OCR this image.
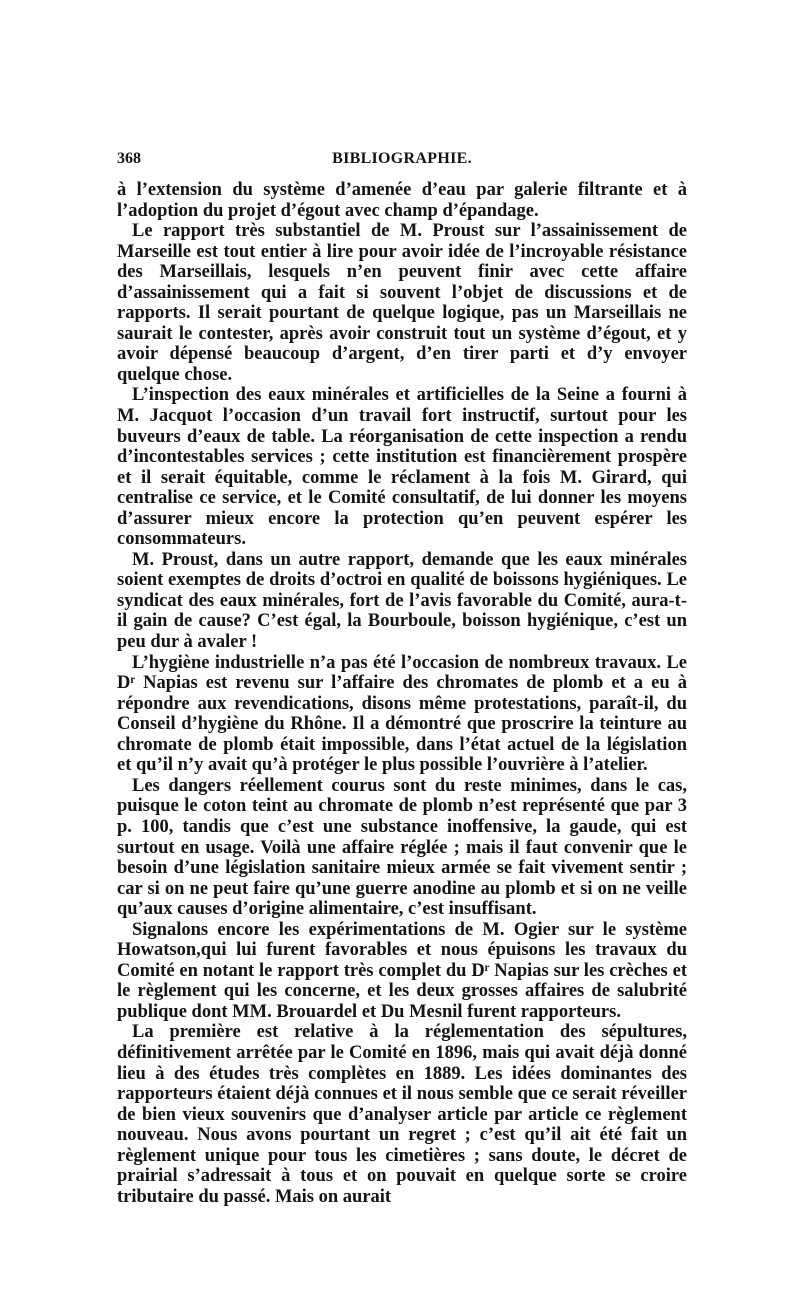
368	BIBLIOGRAPHIE.

à l’extension du système d’amenée d’eau par galerie filtrante et à l’adoption du projet d’égout avec champ d’épandage.

Le rapport très substantiel de M. Proust sur l’assainissement de Marseille est tout entier à lire pour avoir idée de l’incroyable résistance des Marseillais, lesquels n’en peuvent finir avec cette affaire d’assainissement qui a fait si souvent l’objet de discussions et de rapports. Il serait pourtant de quelque logique, pas un Marseillais ne saurait le contester, après avoir construit tout un système d’égout, et y avoir dépensé beaucoup d’argent, d’en tirer parti et d’y envoyer quelque chose.

L’inspection des eaux minérales et artificielles de la Seine a fourni à M. Jacquot l’occasion d’un travail fort instructif, surtout pour les buveurs d’eaux de table. La réorganisation de cette inspection a rendu d’incontestables services ; cette institution est financièrement prospère et il serait équitable, comme le réclament à la fois M. Girard, qui centralise ce service, et le Comité consultatif, de lui donner les moyens d’assurer mieux encore la protection qu’en peuvent espérer les consommateurs.

M. Proust, dans un autre rapport, demande que les eaux minérales soient exemptes de droits d’octroi en qualité de boissons hygiéniques. Le syndicat des eaux minérales, fort de l’avis favorable du Comité, aura-t-il gain de cause? C’est égal, la Bourboule, boisson hygiénique, c’est un peu dur à avaler !

L’hygiène industrielle n’a pas été l’occasion de nombreux travaux. Le Dʳ Napias est revenu sur l’affaire des chromates de plomb et a eu à répondre aux revendications, disons même protestations, paraît-il, du Conseil d’hygiène du Rhône. Il a démontré que proscrire la teinture au chromate de plomb était impossible, dans l’état actuel de la législation et qu’il n’y avait qu’à protéger le plus possible l’ouvrière à l’atelier.

Les dangers réellement courus sont du reste minimes, dans le cas, puisque le coton teint au chromate de plomb n’est représenté que par 3 p. 100, tandis que c’est une substance inoffensive, la gaude, qui est surtout en usage. Voilà une affaire réglée ; mais il faut convenir que le besoin d’une législation sanitaire mieux armée se fait vivement sentir ; car si on ne peut faire qu’une guerre anodine au plomb et si on ne veille qu’aux causes d’origine alimentaire, c’est insuffisant.

Signalons encore les expérimentations de M. Ogier sur le système Howatson,qui lui furent favorables et nous épuisons les travaux du Comité en notant le rapport très complet du Dʳ Napias sur les crèches et le règlement qui les concerne, et les deux grosses affaires de salubrité publique dont MM. Brouardel et Du Mesnil furent rapporteurs.

La première est relative à la réglementation des sépultures, définitivement arrêtée par le Comité en 1896, mais qui avait déjà donné lieu à des études très complètes en 1889. Les idées dominantes des rapporteurs étaient déjà connues et il nous semble que ce serait réveiller de bien vieux souvenirs que d’analyser article par article ce règlement nouveau. Nous avons pourtant un regret ; c’est qu’il ait été fait un règlement unique pour tous les cimetières ; sans doute, le décret de prairial s’adressait à tous et on pouvait en quelque sorte se croire tributaire du passé. Mais on aurait
